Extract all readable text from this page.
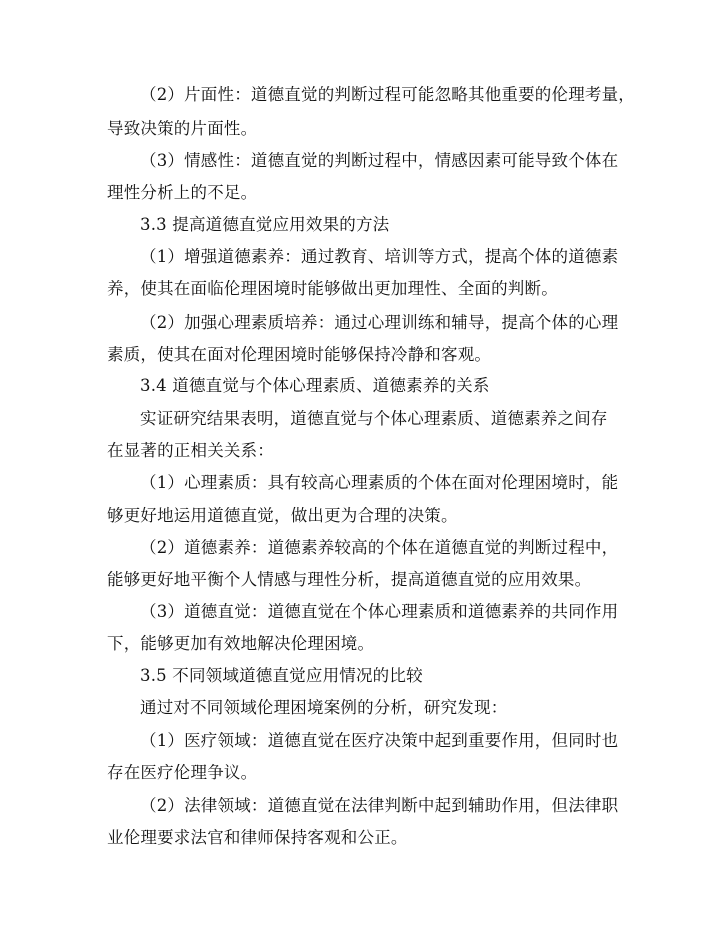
（2）片面性：道德直觉的判断过程可能忽略其他重要的伦理考量，
导致决策的片面性。
（3）情感性：道德直觉的判断过程中，情感因素可能导致个体在
理性分析上的不足。
3.3 提高道德直觉应用效果的方法
（1）增强道德素养：通过教育、培训等方式，提高个体的道德素
养，使其在面临伦理困境时能够做出更加理性、全面的判断。
（2）加强心理素质培养：通过心理训练和辅导，提高个体的心理
素质，使其在面对伦理困境时能够保持冷静和客观。
3.4 道德直觉与个体心理素质、道德素养的关系
实证研究结果表明，道德直觉与个体心理素质、道德素养之间存
在显著的正相关关系：
（1）心理素质：具有较高心理素质的个体在面对伦理困境时，能
够更好地运用道德直觉，做出更为合理的决策。
（2）道德素养：道德素养较高的个体在道德直觉的判断过程中，
能够更好地平衡个人情感与理性分析，提高道德直觉的应用效果。
（3）道德直觉：道德直觉在个体心理素质和道德素养的共同作用
下，能够更加有效地解决伦理困境。
3.5 不同领域道德直觉应用情况的比较
通过对不同领域伦理困境案例的分析，研究发现：
（1）医疗领域：道德直觉在医疗决策中起到重要作用，但同时也
存在医疗伦理争议。
（2）法律领域：道德直觉在法律判断中起到辅助作用，但法律职
业伦理要求法官和律师保持客观和公正。
